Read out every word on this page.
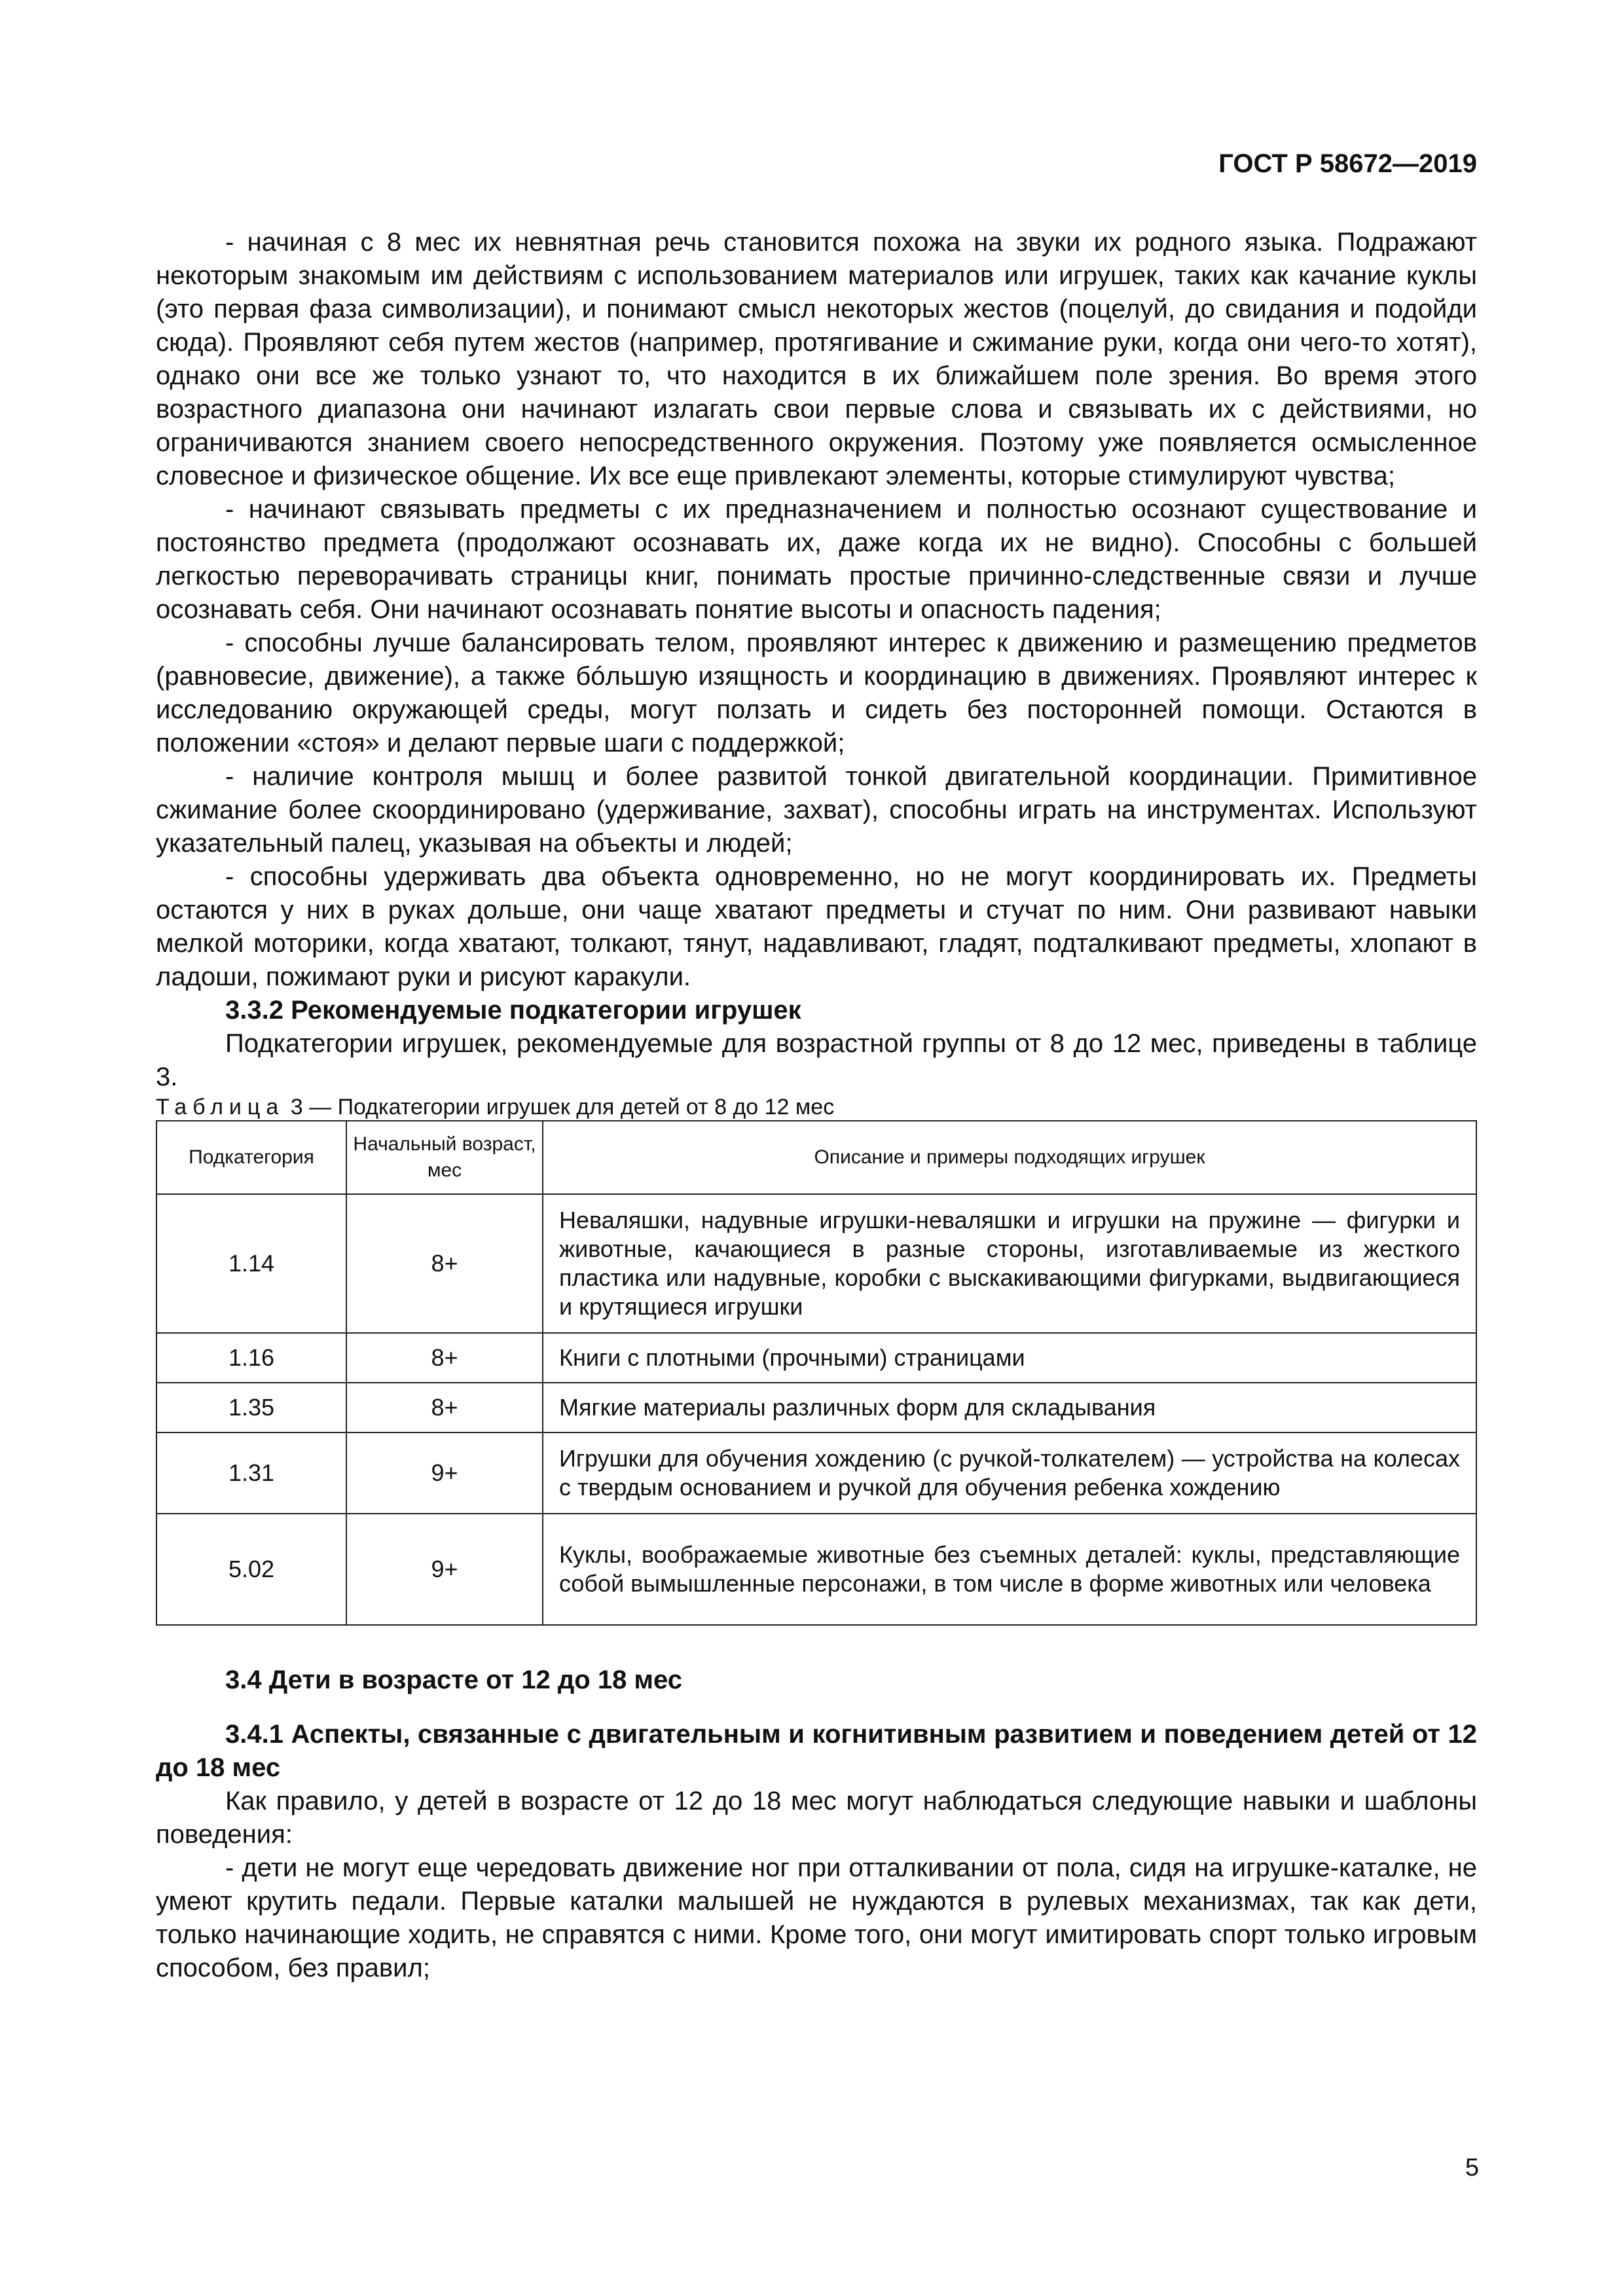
ГОСТ Р 58672—2019

- начиная с 8 мес их невнятная речь становится похожа на звуки их родного языка. Подражают некоторым знакомым им действиям с использованием материалов или игрушек, таких как качание куклы (это первая фаза символизации), и понимают смысл некоторых жестов (поцелуй, до свидания и подойди сюда). Проявляют себя путем жестов (например, протягивание и сжимание руки, когда они чего-то хотят), однако они все же только узнают то, что находится в их ближайшем поле зрения. Во время этого возрастного диапазона они начинают излагать свои первые слова и связывать их с действиями, но ограничиваются знанием своего непосредственного окружения. Поэтому уже появляется осмысленное словесное и физическое общение. Их все еще привлекают элементы, которые стимулируют чувства;

- начинают связывать предметы с их предназначением и полностью осознают существование и постоянство предмета (продолжают осознавать их, даже когда их не видно). Способны с большей легкостью переворачивать страницы книг, понимать простые причинно-следственные связи и лучше осознавать себя. Они начинают осознавать понятие высоты и опасность падения;

- способны лучше балансировать телом, проявляют интерес к движению и размещению предметов (равновесие, движение), а также бóльшую изящность и координацию в движениях. Проявляют интерес к исследованию окружающей среды, могут ползать и сидеть без посторонней помощи. Остаются в положении «стоя» и делают первые шаги с поддержкой;

- наличие контроля мышц и более развитой тонкой двигательной координации. Примитивное сжимание более скоординировано (удерживание, захват), способны играть на инструментах. Используют указательный палец, указывая на объекты и людей;

- способны удерживать два объекта одновременно, но не могут координировать их. Предметы остаются у них в руках дольше, они чаще хватают предметы и стучат по ним. Они развивают навыки мелкой моторики, когда хватают, толкают, тянут, надавливают, гладят, подталкивают предметы, хлопают в ладоши, пожимают руки и рисуют каракули.

3.3.2 Рекомендуемые подкатегории игрушек

Подкатегории игрушек, рекомендуемые для возрастной группы от 8 до 12 мес, приведены в таблице 3.

Таблица 3 — Подкатегории игрушек для детей от 8 до 12 мес

Подкатегория	Начальный возраст, мес	Описание и примеры подходящих игрушек
1.14	8+	Неваляшки, надувные игрушки-неваляшки и игрушки на пружине — фигурки и животные, качающиеся в разные стороны, изготавливаемые из жесткого пластика или надувные, коробки с выскакивающими фигурками, выдвигающиеся и крутящиеся игрушки
1.16	8+	Книги с плотными (прочными) страницами
1.35	8+	Мягкие материалы различных форм для складывания
1.31	9+	Игрушки для обучения хождению (с ручкой-толкателем) — устройства на колесах с твердым основанием и ручкой для обучения ребенка хождению
5.02	9+	Куклы, воображаемые животные без съемных деталей: куклы, представляющие собой вымышленные персонажи, в том числе в форме животных или человека

3.4 Дети в возрасте от 12 до 18 мес

3.4.1 Аспекты, связанные с двигательным и когнитивным развитием и поведением детей от 12 до 18 мес

Как правило, у детей в возрасте от 12 до 18 мес могут наблюдаться следующие навыки и шаблоны поведения:

- дети не могут еще чередовать движение ног при отталкивании от пола, сидя на игрушке-каталке, не умеют крутить педали. Первые каталки малышей не нуждаются в рулевых механизмах, так как дети, только начинающие ходить, не справятся с ними. Кроме того, они могут имитировать спорт только игровым способом, без правил;

5
